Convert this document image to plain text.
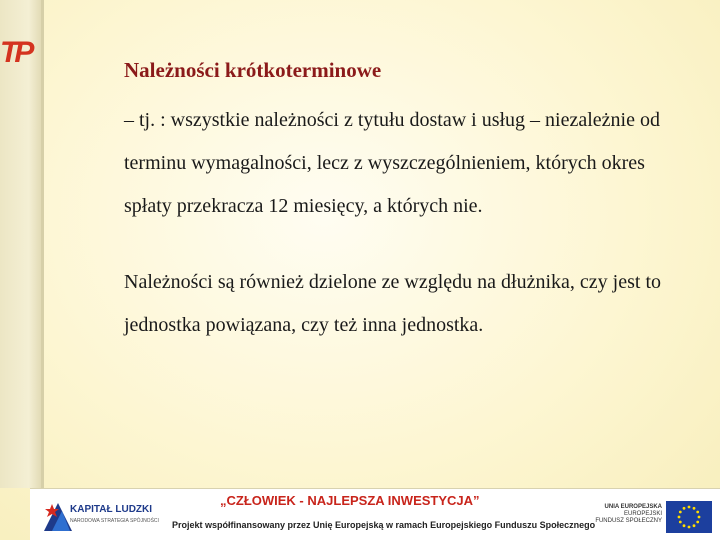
TP
Należności krótkoterminowe

– tj. : wszystkie należności z tytułu dostaw i usług – niezależnie od terminu wymagalności, lecz z wyszczególnieniem, których okres spłaty przekracza 12 miesięcy, a których nie.

Należności są również dzielone ze względu na dłużnika, czy jest to jednostka powiązana, czy też inna jednostka.

KAPITAŁ LUDZKI
NARODOWA STRATEGIA SPÓJNOŚCI
„CZŁOWIEK - NAJLEPSZA INWESTYCJA”
Projekt współfinansowany przez Unię Europejską w ramach Europejskiego Funduszu Społecznego
UNIA EUROPEJSKA
EUROPEJSKI
FUNDUSZ SPOŁECZNY
